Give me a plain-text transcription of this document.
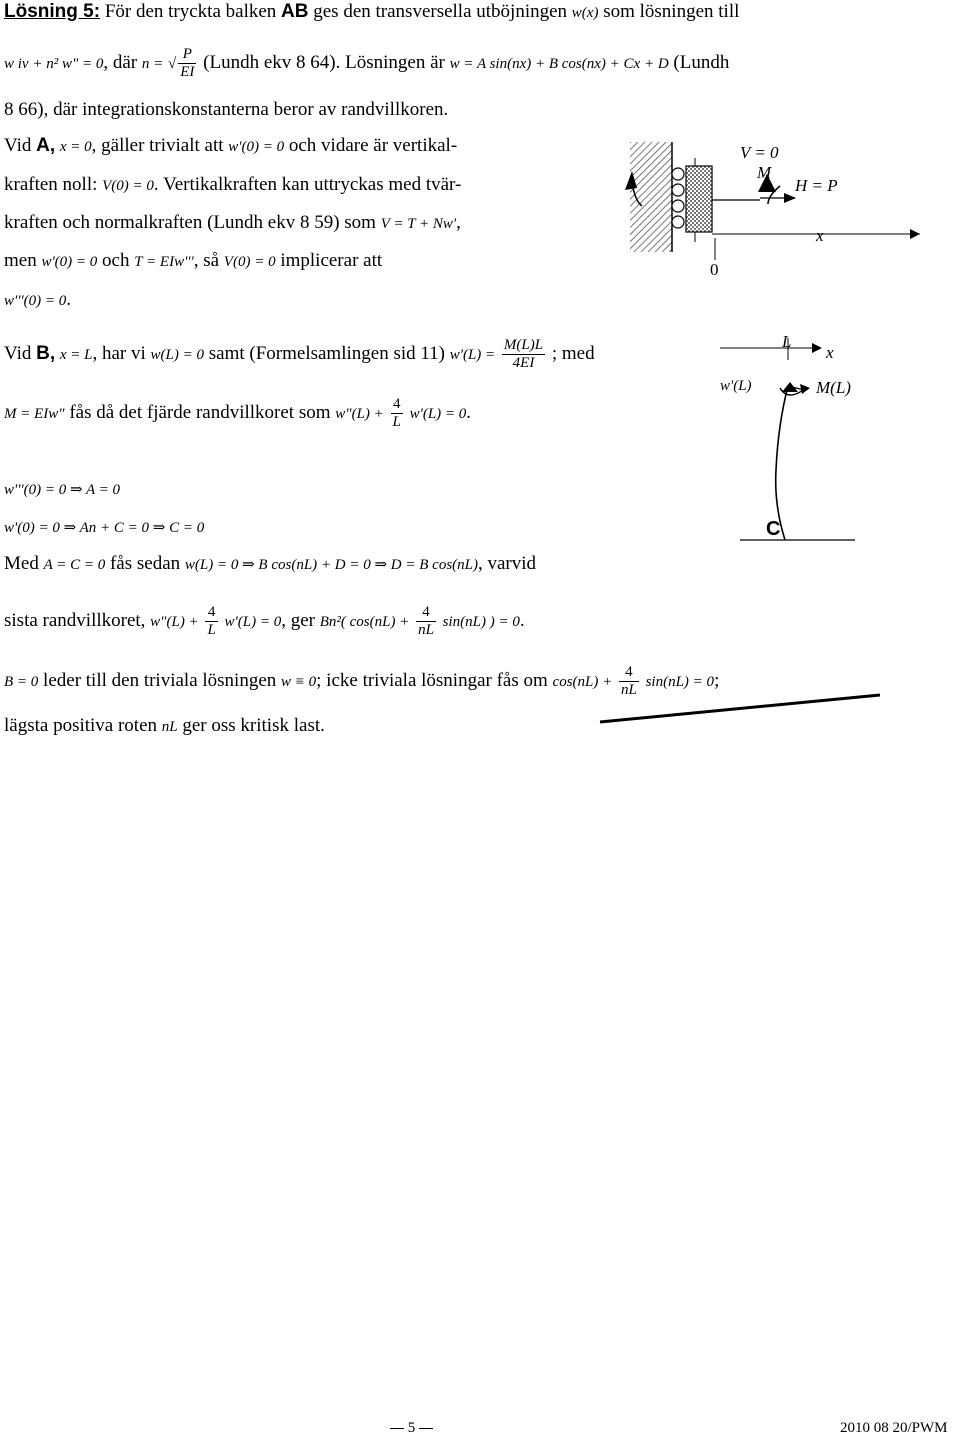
Lösning 5: För den tryckta balken AB ges den transversella utböjningen w(x) som lösningen till
w iv + n² w" = 0, där n = √ $\frac{P}{EI}$ (Lundh ekv 8 64). Lösningen är w = A sin(nx) + B cos(nx) + Cx + D (Lundh
8 66), där integrationskonstanterna beror av randvillkoren.
Vid A, x = 0, gäller trivialt att w'(0) = 0 och vidare är vertikal-
kraften noll: V(0) = 0. Vertikalkraften kan uttryckas med tvär-
kraften och normalkraften (Lundh ekv 8 59) som V = T + Nw',
men w'(0) = 0 och T = EIw''', så V(0) = 0 implicerar att
w'''(0) = 0.
V = 0
M
H = P
x
0
Vid B, x = L, har vi w(L) = 0 samt (Formelsamlingen sid 11) $w'(L) = \frac{M(L)L}{4EI}$ ; med
M = EIw" fås då det fjärde randvillkoret som w"(L) + $\frac{4}{L} w'(L) = 0$.
L
x
w'(L)	M(L)
C
w'''(0) = 0 ⇒ A = 0
w'(0) = 0 ⇒ An + C = 0 ⇒ C = 0
Med A = C = 0 fås sedan w(L) = 0 ⇒ B cos(nL) + D = 0 ⇒ D = B cos(nL), varvid
sista randvillkoret, w"(L) + $\frac{4}{L} w'(L) = 0$, ger Bn²( $\cos(nL) + \frac{4}{nL} \sin(nL)$ ) = 0.
B = 0 leder till den triviala lösningen w ≡ 0; icke triviala lösningar fås om $\cos(nL) + \frac{4}{nL} \sin(nL) = 0$;
lägsta positiva roten nL ger oss kritisk last.
5	2010 08 20/PWM
